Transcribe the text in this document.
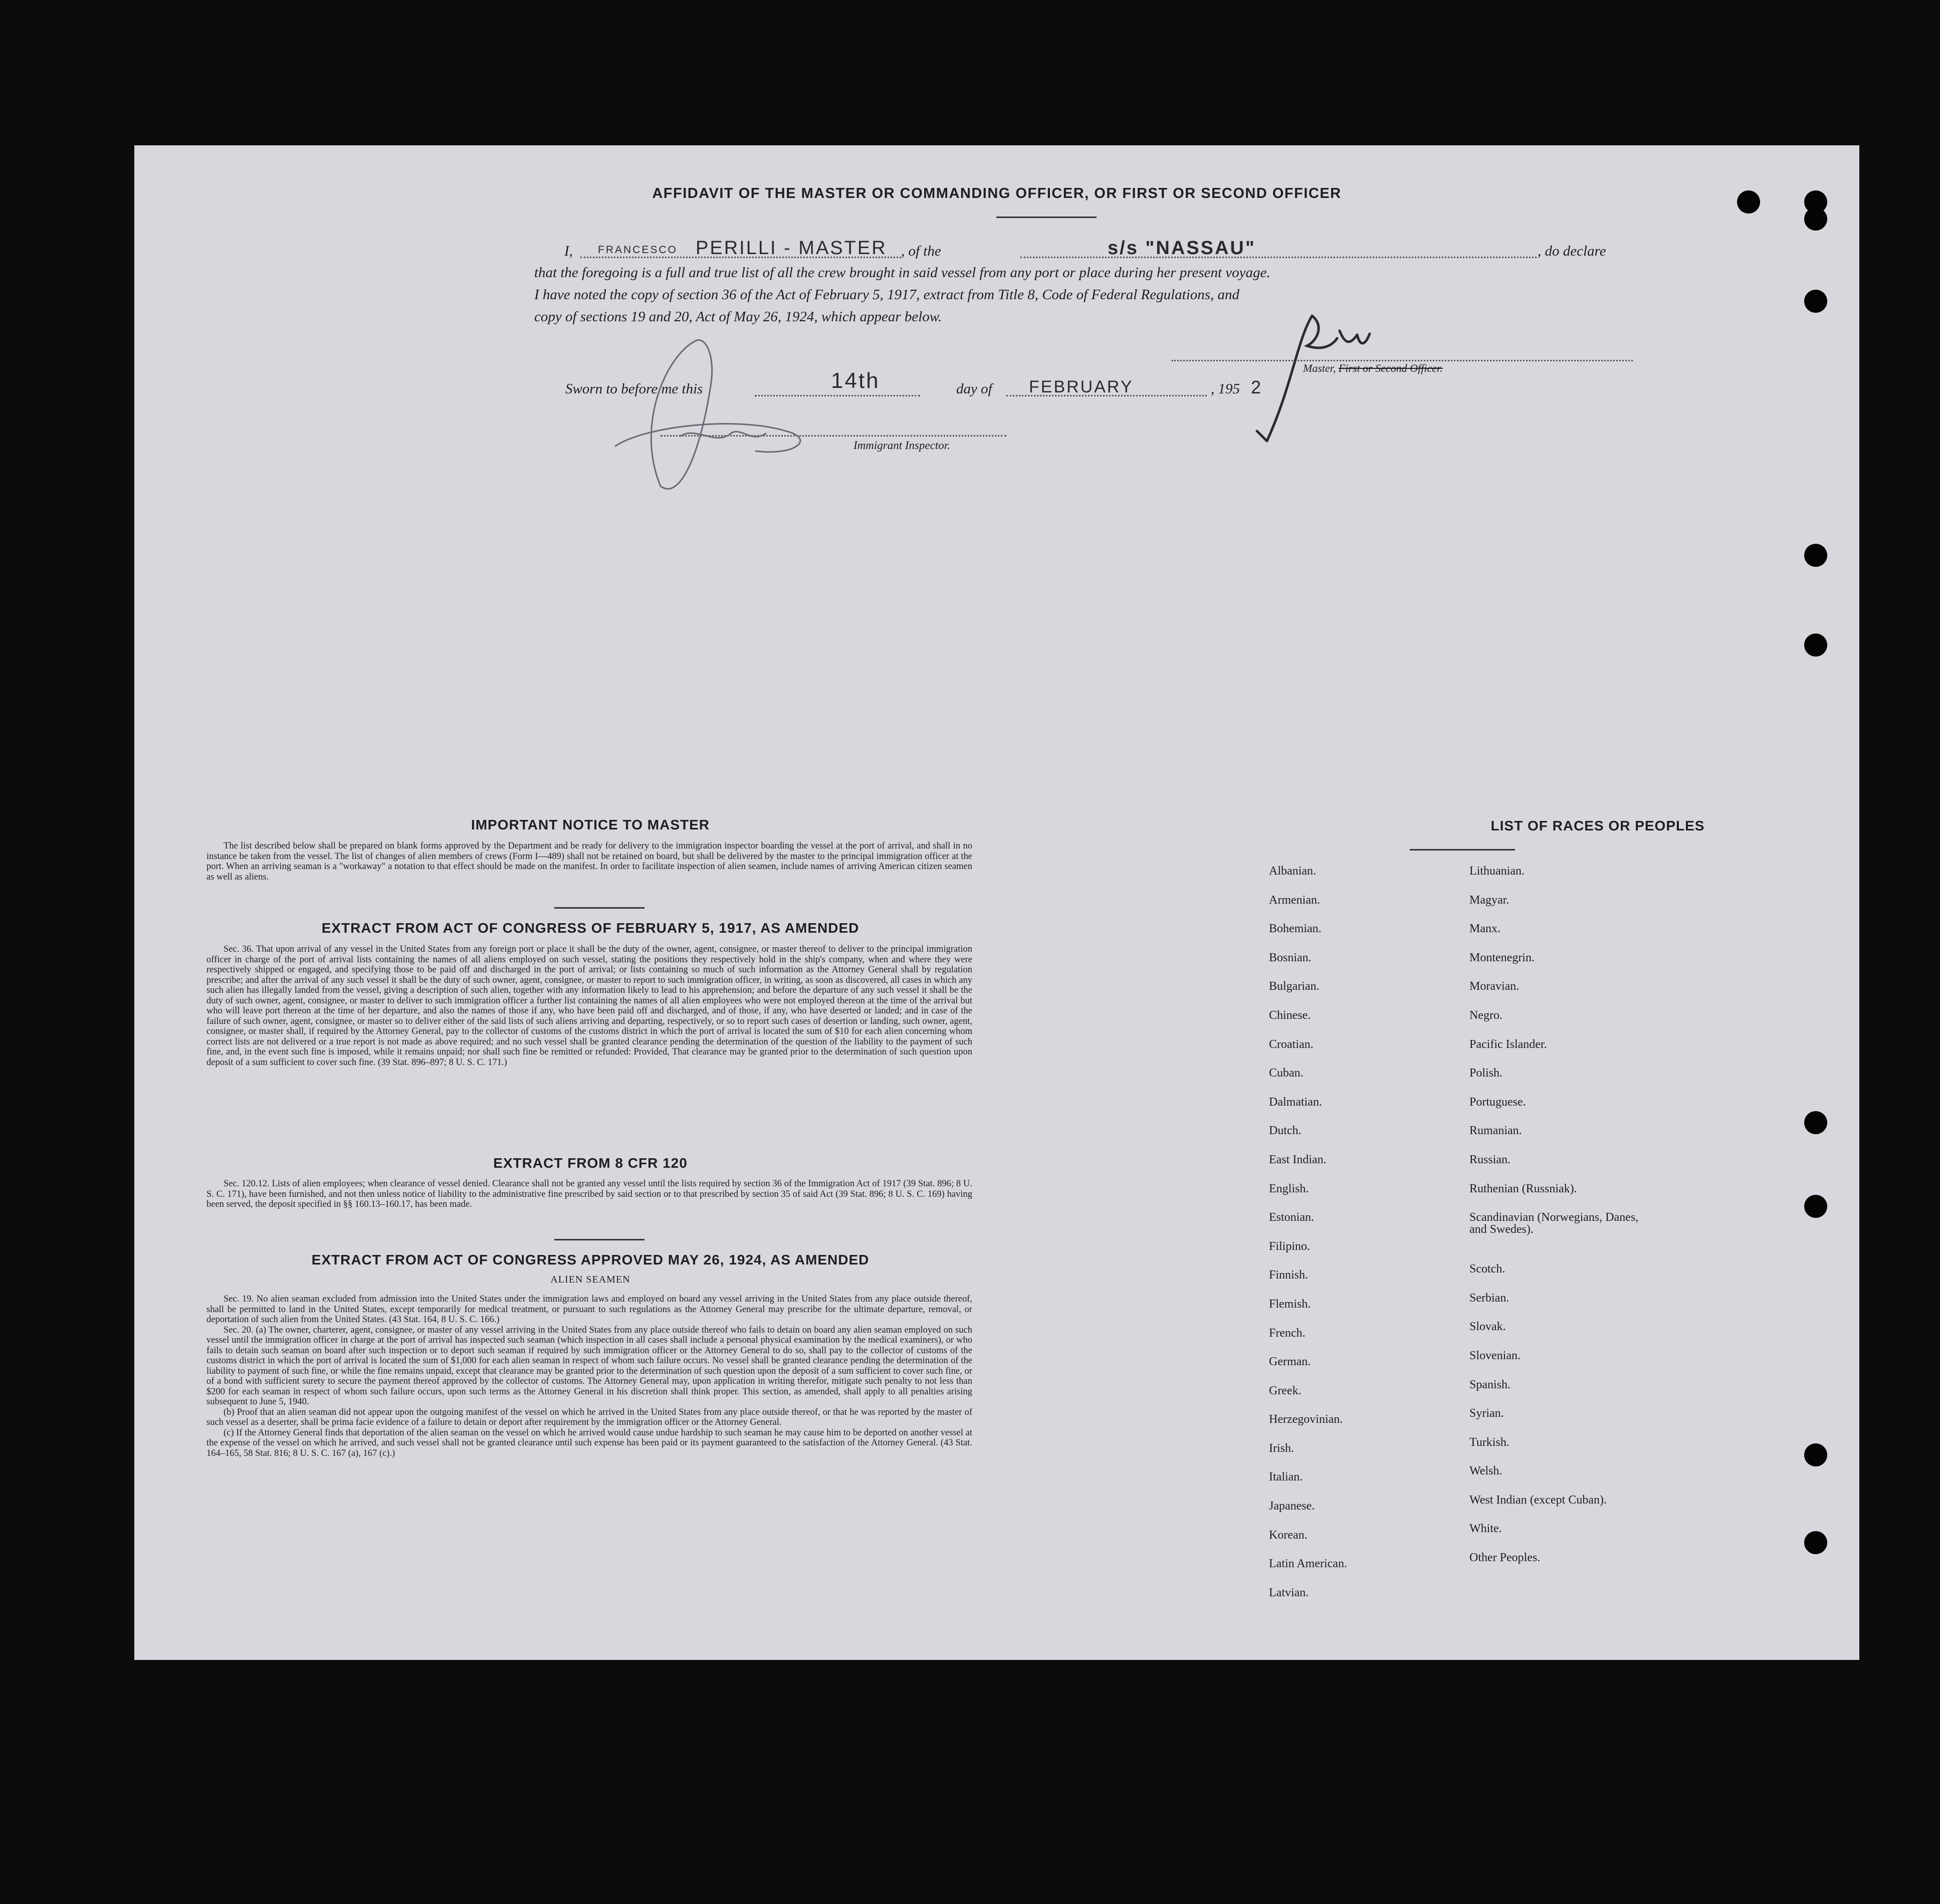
AFFIDAVIT OF THE MASTER OR COMMANDING OFFICER, OR FIRST OR SECOND OFFICER
I, FRANCESCO PERILLI - MASTER , of the	s/s "NASSAU"	, do declare
that the foregoing is a full and true list of all the crew brought in said vessel from any port or place during her present voyage.
I have noted the copy of section 36 of the Act of February 5, 1917, extract from Title 8, Code of Federal Regulations, and
copy of sections 19 and 20, Act of May 26, 1924, which appear below.
Master, First or Second Officer.
Sworn to before me this	14th	day of FEBRUARY	, 195 2
Immigrant Inspector.
IMPORTANT NOTICE TO MASTER

The list described below shall be prepared on blank forms approved by the Department and be ready for delivery to the immigration inspector boarding the vessel at the port of arrival, and shall in no instance be taken from the vessel. The list of changes of alien members of crews (Form I—489) shall not be retained on board, but shall be delivered by the master to the principal immigration officer at the port. When an arriving seaman is a "workaway" a notation to that effect should be made on the manifest. In order to facilitate inspection of alien seamen, include names of arriving American citizen seamen as well as aliens.

EXTRACT FROM ACT OF CONGRESS OF FEBRUARY 5, 1917, AS AMENDED

Sec. 36. That upon arrival of any vessel in the United States from any foreign port or place it shall be the duty of the owner, agent, consignee, or master thereof to deliver to the principal immigration officer in charge of the port of arrival lists containing the names of all aliens employed on such vessel, stating the positions they respectively hold in the ship's company, when and where they were respectively shipped or engaged, and specifying those to be paid off and discharged in the port of arrival; or lists containing so much of such information as the Attorney General shall by regulation prescribe; and after the arrival of any such vessel it shall be the duty of such owner, agent, consignee, or master to report to such immigration officer, in writing, as soon as discovered, all cases in which any such alien has illegally landed from the vessel, giving a description of such alien, together with any information likely to lead to his apprehension; and before the departure of any such vessel it shall be the duty of such owner, agent, consignee, or master to deliver to such immigration officer a further list containing the names of all alien employees who were not employed thereon at the time of the arrival but who will leave port thereon at the time of her departure, and also the names of those if any, who have been paid off and discharged, and of those, if any, who have deserted or landed; and in case of the failure of such owner, agent, consignee, or master so to deliver either of the said lists of such aliens arriving and departing, respectively, or so to report such cases of desertion or landing, such owner, agent, consignee, or master shall, if required by the Attorney General, pay to the collector of customs of the customs district in which the port of arrival is located the sum of $10 for each alien concerning whom correct lists are not delivered or a true report is not made as above required; and no such vessel shall be granted clearance pending the determination of the question of the liability to the payment of such fine, and, in the event such fine is imposed, while it remains unpaid; nor shall such fine be remitted or refunded: Provided, That clearance may be granted prior to the determination of such question upon deposit of a sum sufficient to cover such fine. (39 Stat. 896–897; 8 U. S. C. 171.)

EXTRACT FROM 8 CFR 120

Sec. 120.12. Lists of alien employees; when clearance of vessel denied. Clearance shall not be granted any vessel until the lists required by section 36 of the Immigration Act of 1917 (39 Stat. 896; 8 U. S. C. 171), have been furnished, and not then unless notice of liability to the administrative fine prescribed by said section or to that prescribed by section 35 of said Act (39 Stat. 896; 8 U. S. C. 169) having been served, the deposit specified in §§ 160.13–160.17, has been made.

EXTRACT FROM ACT OF CONGRESS APPROVED MAY 26, 1924, AS AMENDED
ALIEN SEAMEN

Sec. 19. No alien seaman excluded from admission into the United States under the immigration laws and employed on board any vessel arriving in the United States from any place outside thereof, shall be permitted to land in the United States, except temporarily for medical treatment, or pursuant to such regulations as the Attorney General may prescribe for the ultimate departure, removal, or deportation of such alien from the United States. (43 Stat. 164, 8 U. S. C. 166.)

Sec. 20. (a) The owner, charterer, agent, consignee, or master of any vessel arriving in the United States from any place outside thereof who fails to detain on board any alien seaman employed on such vessel until the immigration officer in charge at the port of arrival has inspected such seaman (which inspection in all cases shall include a personal physical examination by the medical examiners), or who fails to detain such seaman on board after such inspection or to deport such seaman if required by such immigration officer or the Attorney General to do so, shall pay to the collector of customs of the customs district in which the port of arrival is located the sum of $1,000 for each alien seaman in respect of whom such failure occurs. No vessel shall be granted clearance pending the determination of the liability to payment of such fine, or while the fine remains unpaid, except that clearance may be granted prior to the determination of such question upon the deposit of a sum sufficient to cover such fine, or of a bond with sufficient surety to secure the payment thereof approved by the collector of customs. The Attorney General may, upon application in writing therefor, mitigate such penalty to not less than $200 for each seaman in respect of whom such failure occurs, upon such terms as the Attorney General in his discretion shall think proper. This section, as amended, shall apply to all penalties arising subsequent to June 5, 1940.

(b) Proof that an alien seaman did not appear upon the outgoing manifest of the vessel on which he arrived in the United States from any place outside thereof, or that he was reported by the master of such vessel as a deserter, shall be prima facie evidence of a failure to detain or deport after requirement by the immigration officer or the Attorney General.

(c) If the Attorney General finds that deportation of the alien seaman on the vessel on which he arrived would cause undue hardship to such seaman he may cause him to be deported on another vessel at the expense of the vessel on which he arrived, and such vessel shall not be granted clearance until such expense has been paid or its payment guaranteed to the satisfaction of the Attorney General. (43 Stat. 164–165, 58 Stat. 816; 8 U. S. C. 167 (a), 167 (c).)

LIST OF RACES OR PEOPLES
Albanian.
Armenian.
Bohemian.
Bosnian.
Bulgarian.
Chinese.
Croatian.
Cuban.
Dalmatian.
Dutch.
East Indian.
English.
Estonian.
Filipino.
Finnish.
Flemish.
French.
German.
Greek.
Herzegovinian.
Irish.
Italian.
Japanese.
Korean.
Latin American.
Latvian.
Lithuanian.
Magyar.
Manx.
Montenegrin.
Moravian.
Negro.
Pacific Islander.
Polish.
Portuguese.
Rumanian.
Russian.
Ruthenian (Russniak).
Scandinavian (Norwegians, Danes, and Swedes).
Scotch.
Serbian.
Slovak.
Slovenian.
Spanish.
Syrian.
Turkish.
Welsh.
West Indian (except Cuban).
White.
Other Peoples.
